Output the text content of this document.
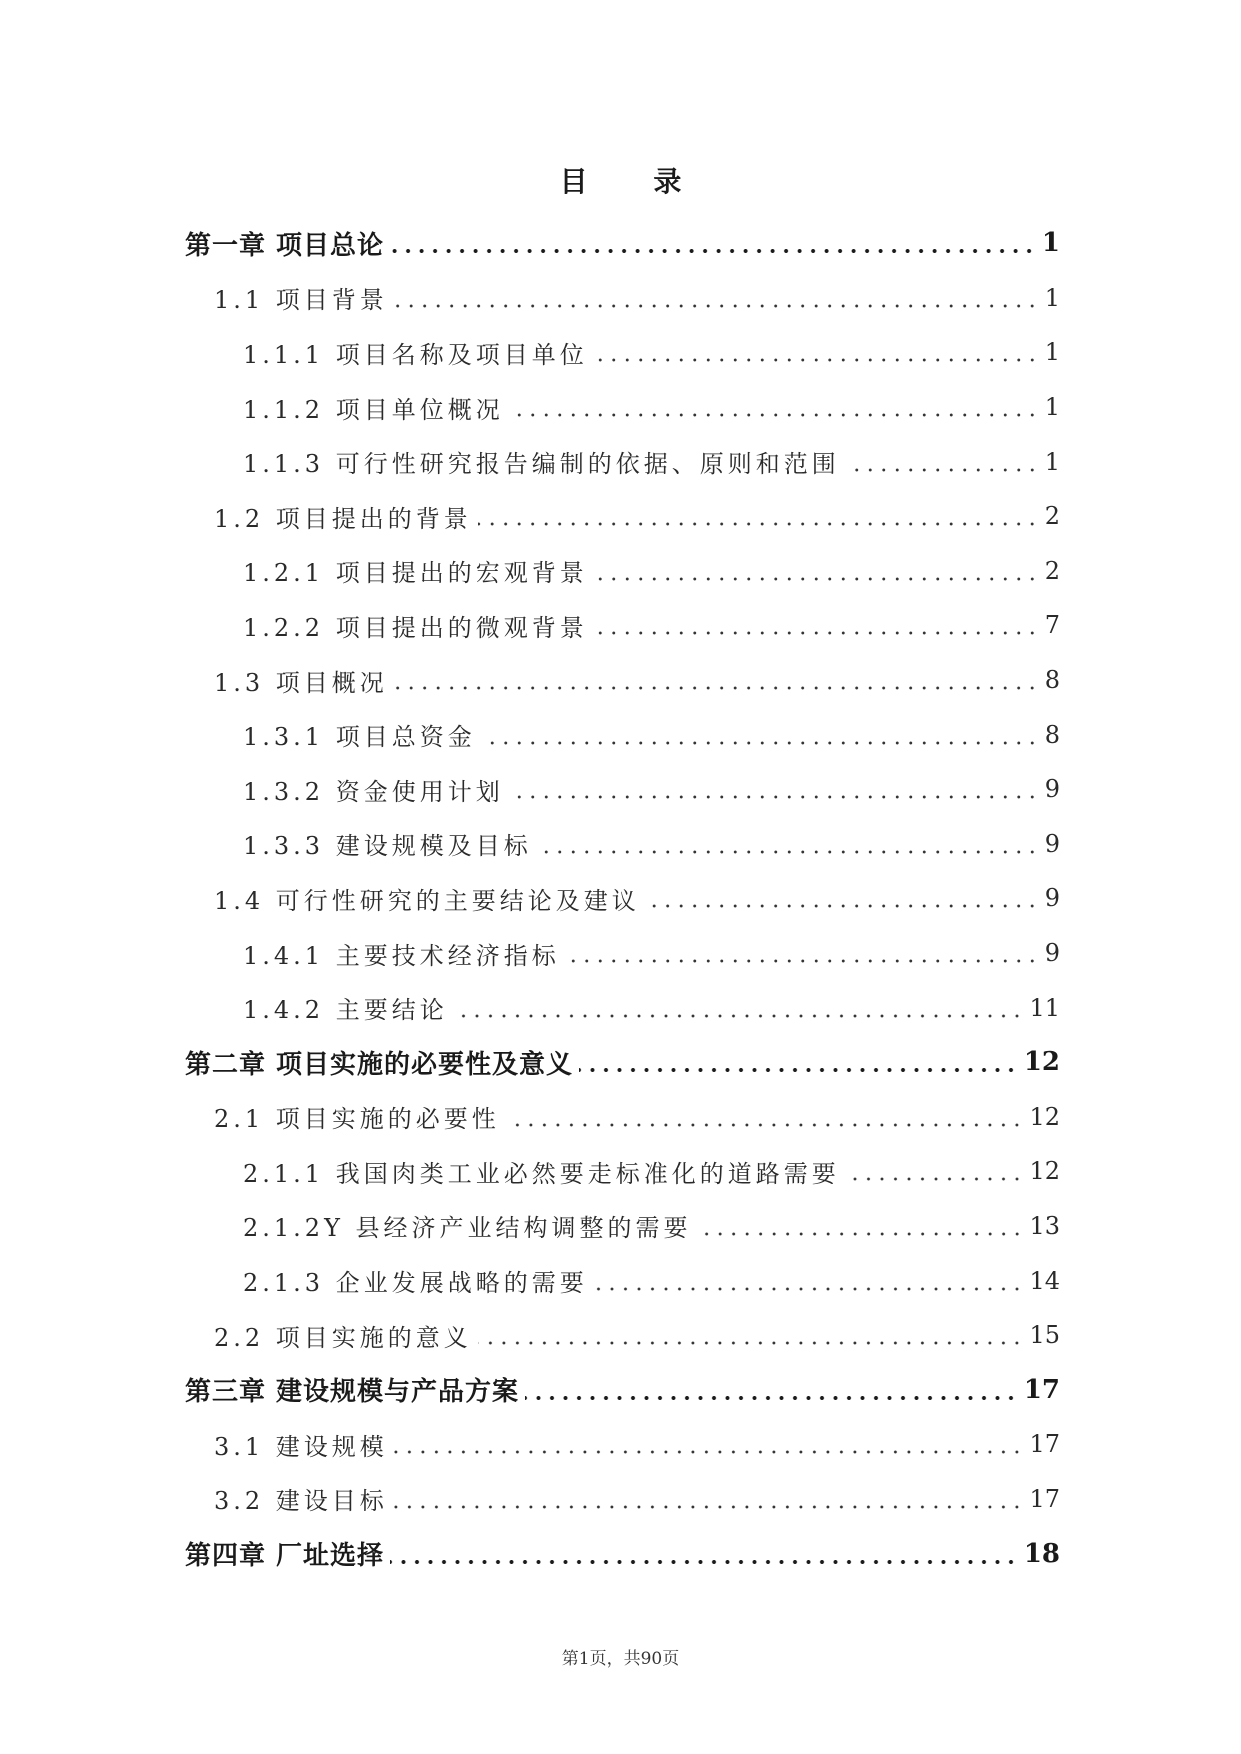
目 录
第一章 项目总论	1
1.1 项目背景	1
1.1.1 项目名称及项目单位	1
1.1.2 项目单位概况	1
1.1.3 可行性研究报告编制的依据、原则和范围	1
1.2 项目提出的背景	2
1.2.1 项目提出的宏观背景	2
1.2.2 项目提出的微观背景	7
1.3 项目概况	8
1.3.1 项目总资金	8
1.3.2 资金使用计划	9
1.3.3 建设规模及目标	9
1.4 可行性研究的主要结论及建议	9
1.4.1 主要技术经济指标	9
1.4.2 主要结论	11
第二章 项目实施的必要性及意义	12
2.1 项目实施的必要性	12
2.1.1 我国肉类工业必然要走标准化的道路需要	12
2.1.2Y 县经济产业结构调整的需要	13
2.1.3 企业发展战略的需要	14
2.2 项目实施的意义	15
第三章 建设规模与产品方案	17
3.1 建设规模	17
3.2 建设目标	17
第四章 厂址选择	18
第1页，共90页
